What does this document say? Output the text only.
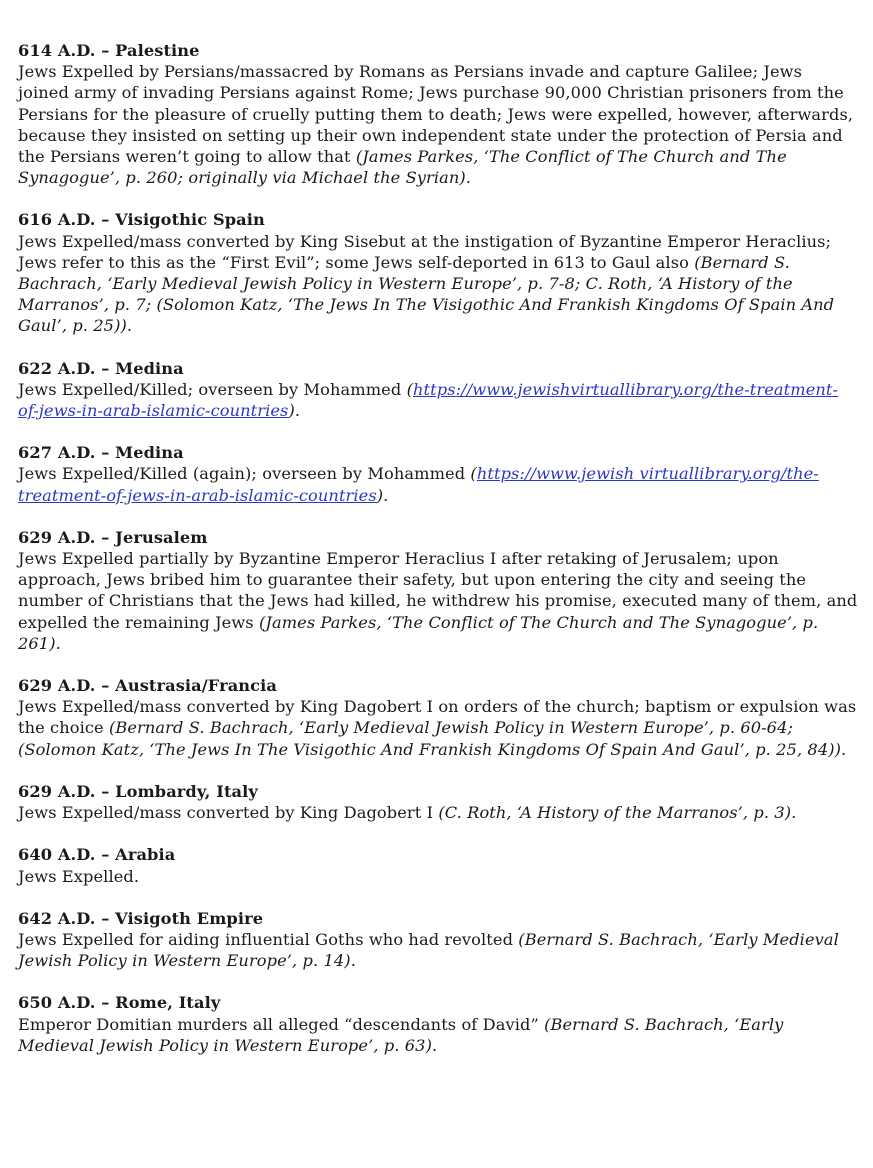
614 A.D. – Palestine

Jews Expelled by Persians/massacred by Romans as Persians invade and capture Galilee; Jews joined army of invading Persians against Rome; Jews purchase 90,000 Christian prisoners from the Persians for the pleasure of cruelly putting them to death; Jews were expelled, however, afterwards, because they insisted on setting up their own independent state under the protection of Persia and the Persians weren’t going to allow that (James Parkes, ‘The Conflict of The Church and The Synagogue’, p. 260; originally via Michael the Syrian).

616 A.D. – Visigothic Spain

Jews Expelled/mass converted by King Sisebut at the instigation of Byzantine Emperor Heraclius; Jews refer to this as the “First Evil”; some Jews self-deported in 613 to Gaul also (Bernard S. Bachrach, ‘Early Medieval Jewish Policy in Western Europe’, p. 7-8; C. Roth, ‘A History of the Marranos’, p. 7; (Solomon Katz, ‘The Jews In The Visigothic And Frankish Kingdoms Of Spain And Gaul’, p. 25)).

622 A.D. – Medina

Jews Expelled/Killed; overseen by Mohammed (https://www.jewishvirtuallibrary.org/the-treatment-of-jews-in-arab-islamic-countries).

627 A.D. – Medina

Jews Expelled/Killed (again); overseen by Mohammed (https://www.jewish virtuallibrary.org/the-treatment-of-jews-in-arab-islamic-countries).

629 A.D. – Jerusalem

Jews Expelled partially by Byzantine Emperor Heraclius I after retaking of Jerusalem; upon approach, Jews bribed him to guarantee their safety, but upon entering the city and seeing the number of Christians that the Jews had killed, he withdrew his promise, executed many of them, and expelled the remaining Jews (James Parkes, ‘The Conflict of The Church and The Synagogue’, p. 261).

629 A.D. – Austrasia/Francia

Jews Expelled/mass converted by King Dagobert I on orders of the church; baptism or expulsion was the choice (Bernard S. Bachrach, ‘Early Medieval Jewish Policy in Western Europe’, p. 60-64; (Solomon Katz, ‘The Jews In The Visigothic And Frankish Kingdoms Of Spain And Gaul’, p. 25, 84)).

629 A.D. – Lombardy, Italy

Jews Expelled/mass converted by King Dagobert I (C. Roth, ‘A History of the Marranos’, p. 3).

640 A.D. – Arabia

Jews Expelled.

642 A.D. – Visigoth Empire

Jews Expelled for aiding influential Goths who had revolted (Bernard S. Bachrach, ‘Early Medieval Jewish Policy in Western Europe’, p. 14).

650 A.D. – Rome, Italy

Emperor Domitian murders all alleged “descendants of David” (Bernard S. Bachrach, ‘Early Medieval Jewish Policy in Western Europe’, p. 63).
